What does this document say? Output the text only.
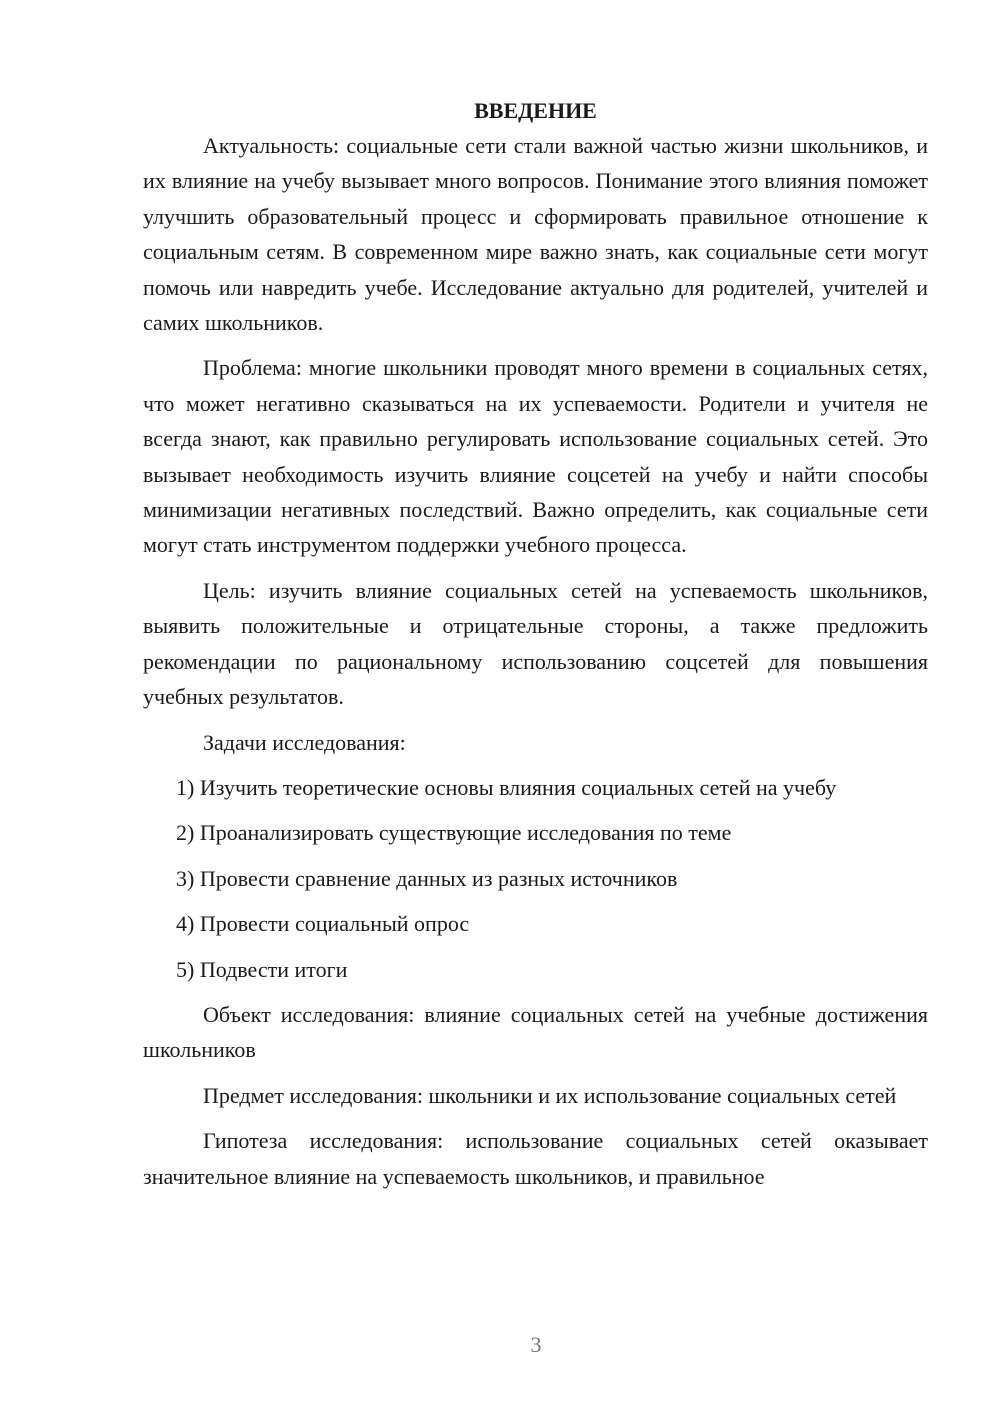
ВВЕДЕНИЕ

Актуальность: социальные сети стали важной частью жизни школьников, и их влияние на учебу вызывает много вопросов. Понимание этого влияния поможет улучшить образовательный процесс и сформировать правильное отношение к социальным сетям. В современном мире важно знать, как социальные сети могут помочь или навредить учебе. Исследование актуально для родителей, учителей и самих школьников.

Проблема: многие школьники проводят много времени в социальных сетях, что может негативно сказываться на их успеваемости. Родители и учителя не всегда знают, как правильно регулировать использование социальных сетей. Это вызывает необходимость изучить влияние соцсетей на учебу и найти способы минимизации негативных последствий. Важно определить, как социальные сети могут стать инструментом поддержки учебного процесса.

Цель: изучить влияние социальных сетей на успеваемость школьников, выявить положительные и отрицательные стороны, а также предложить рекомендации по рациональному использованию соцсетей для повышения учебных результатов.

Задачи исследования:

1) Изучить теоретические основы влияния социальных сетей на учебу

2) Проанализировать существующие исследования по теме

3) Провести сравнение данных из разных источников

4) Провести социальный опрос

5) Подвести итоги

Объект исследования: влияние социальных сетей на учебные достижения школьников

Предмет исследования: школьники и их использование социальных сетей

Гипотеза исследования: использование социальных сетей оказывает значительное влияние на успеваемость школьников, и правильное

3
